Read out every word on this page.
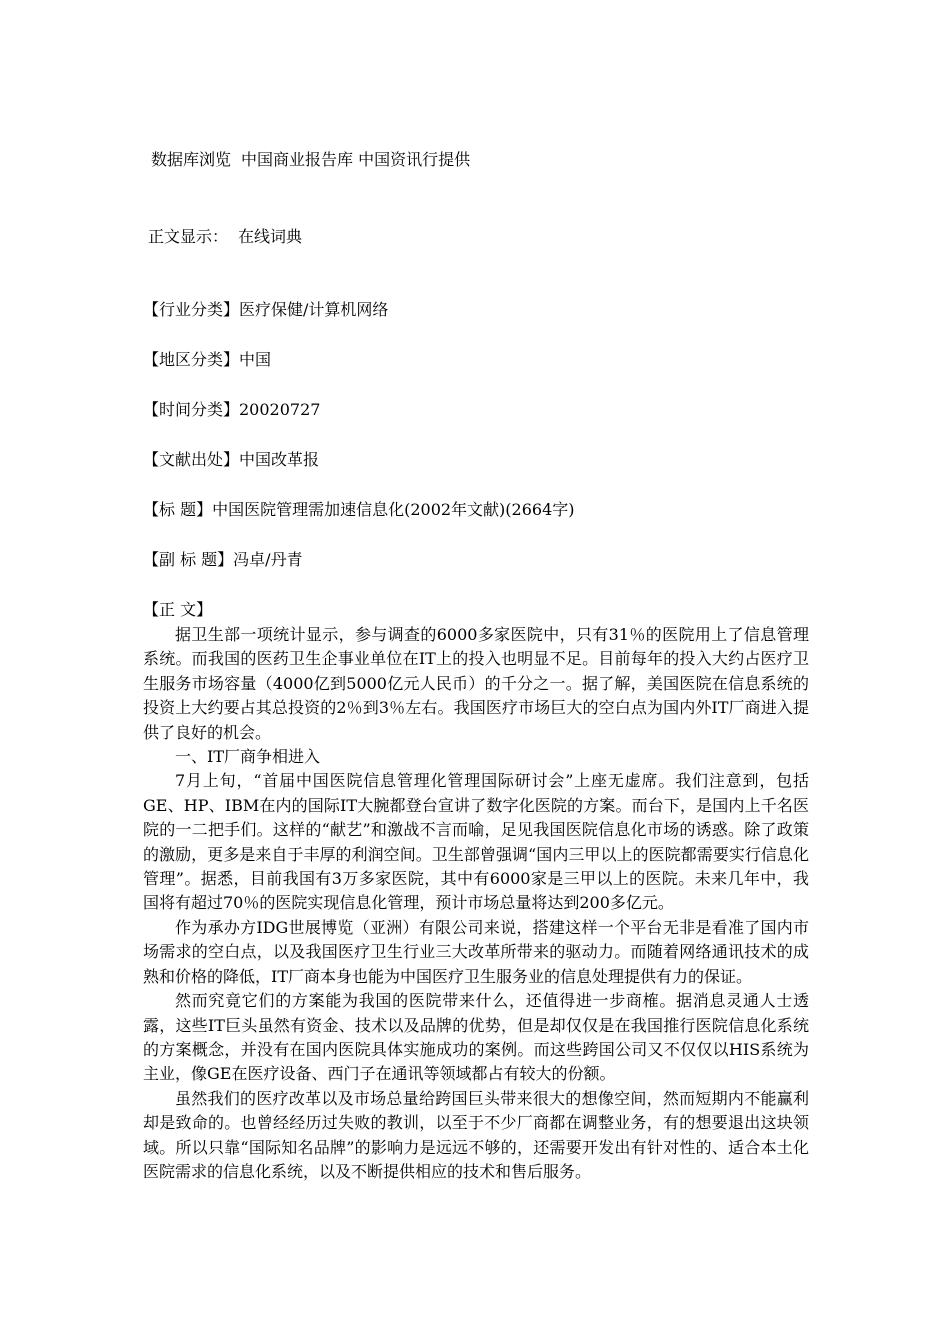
数据库浏览 中国商业报告库 中国资讯行提供
正文显示： 在线词典
【行业分类】医疗保健/计算机网络
【地区分类】中国
【时间分类】20020727
【文献出处】中国改革报
【标 题】中国医院管理需加速信息化(2002年文献)(2664字)
【副 标 题】冯卓/丹青
【正 文】

据卫生部一项统计显示，参与调查的6000多家医院中，只有31％的医院用上了信息管理系统。而我国的医药卫生企事业单位在IT上的投入也明显不足。目前每年的投入大约占医疗卫生服务市场容量（4000亿到5000亿元人民币）的千分之一。据了解，美国医院在信息系统的投资上大约要占其总投资的2％到3％左右。我国医疗市场巨大的空白点为国内外IT厂商进入提供了良好的机会。

一、IT厂商争相进入

7月上旬，“首届中国医院信息管理化管理国际研讨会”上座无虚席。我们注意到，包括GE、HP、IBM在内的国际IT大腕都登台宣讲了数字化医院的方案。而台下，是国内上千名医院的一二把手们。这样的“献艺”和激战不言而喻，足见我国医院信息化市场的诱惑。除了政策的激励，更多是来自于丰厚的利润空间。卫生部曾强调“国内三甲以上的医院都需要实行信息化管理”。据悉，目前我国有3万多家医院，其中有6000家是三甲以上的医院。未来几年中，我国将有超过70％的医院实现信息化管理，预计市场总量将达到200多亿元。

作为承办方IDG世展博览（亚洲）有限公司来说，搭建这样一个平台无非是看准了国内市场需求的空白点，以及我国医疗卫生行业三大改革所带来的驱动力。而随着网络通讯技术的成熟和价格的降低，IT厂商本身也能为中国医疗卫生服务业的信息处理提供有力的保证。

然而究竟它们的方案能为我国的医院带来什么，还值得进一步商榷。据消息灵通人士透露，这些IT巨头虽然有资金、技术以及品牌的优势，但是却仅仅是在我国推行医院信息化系统的方案概念，并没有在国内医院具体实施成功的案例。而这些跨国公司又不仅仅以HIS系统为主业，像GE在医疗设备、西门子在通讯等领域都占有较大的份额。

虽然我们的医疗改革以及市场总量给跨国巨头带来很大的想像空间，然而短期内不能赢利却是致命的。也曾经经历过失败的教训，以至于不少厂商都在调整业务，有的想要退出这块领域。所以只靠“国际知名品牌”的影响力是远远不够的，还需要开发出有针对性的、适合本土化医院需求的信息化系统，以及不断提供相应的技术和售后服务。
